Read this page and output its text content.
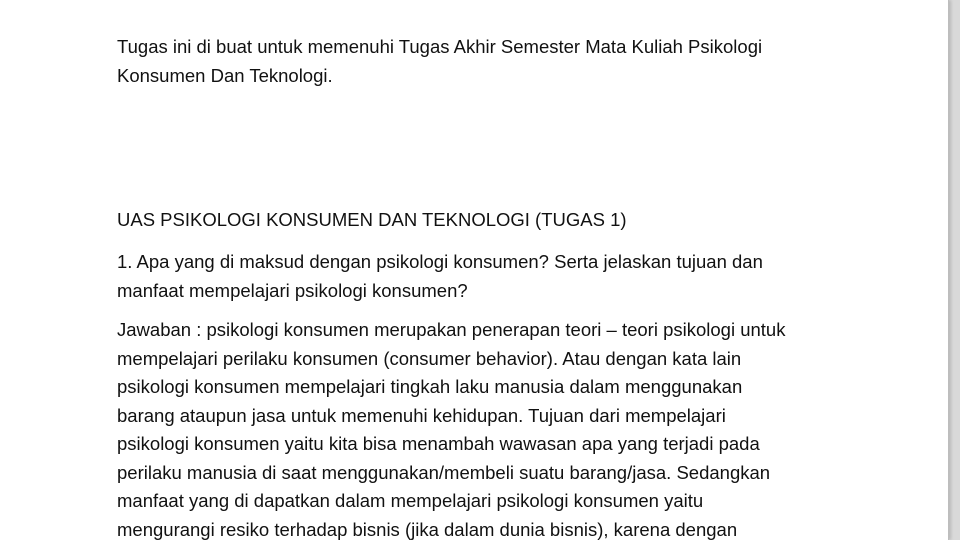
Tugas ini di buat untuk memenuhi Tugas Akhir Semester Mata Kuliah Psikologi
Konsumen Dan Teknologi.

UAS PSIKOLOGI KONSUMEN DAN TEKNOLOGI (TUGAS 1)

1. Apa yang di maksud dengan psikologi konsumen? Serta jelaskan tujuan dan
manfaat mempelajari psikologi konsumen?

Jawaban : psikologi konsumen merupakan penerapan teori – teori psikologi untuk
mempelajari perilaku konsumen (consumer behavior). Atau dengan kata lain
psikologi konsumen mempelajari tingkah laku manusia dalam menggunakan
barang ataupun jasa untuk memenuhi kehidupan. Tujuan dari mempelajari
psikologi konsumen yaitu kita bisa menambah wawasan apa yang terjadi pada
perilaku manusia di saat menggunakan/membeli suatu barang/jasa. Sedangkan
manfaat yang di dapatkan dalam mempelajari psikologi konsumen yaitu
mengurangi resiko terhadap bisnis (jika dalam dunia bisnis), karena dengan
